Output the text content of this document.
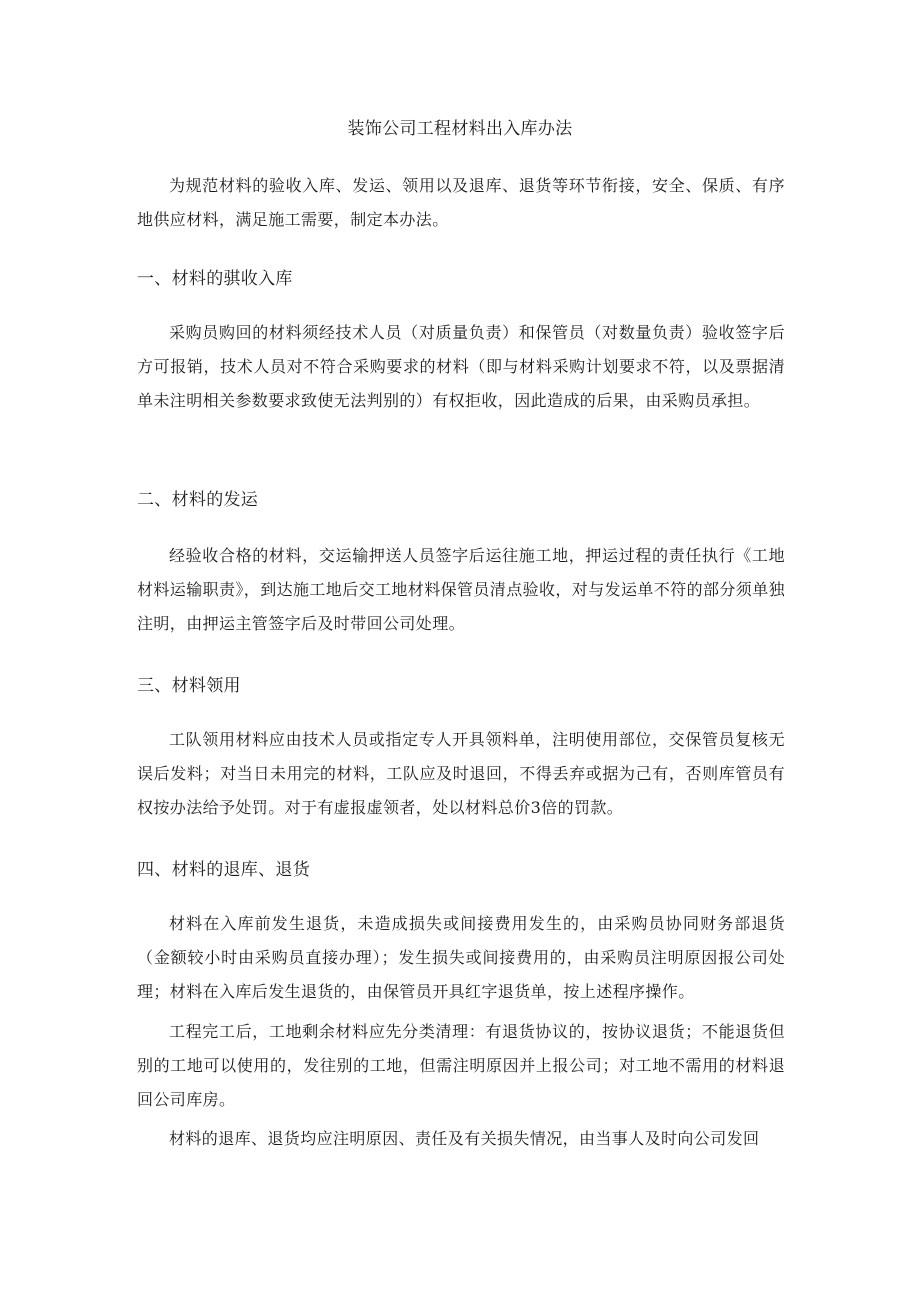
装饰公司工程材料出入库办法

为规范材料的验收入库、发运、领用以及退库、退货等环节衔接，安全、保质、有序地供应材料，满足施工需要，制定本办法。

一、材料的骐收入库

采购员购回的材料须经技术人员（对质量负责）和保管员（对数量负责）验收签字后方可报销，技术人员对不符合采购要求的材料（即与材料采购计划要求不符，以及票据清单未注明相关参数要求致使无法判别的）有权拒收，因此造成的后果，由采购员承担。

二、材料的发运

经验收合格的材料，交运输押送人员签字后运往施工地，押运过程的责任执行《工地材料运输职责》，到达施工地后交工地材料保管员清点验收，对与发运单不符的部分须单独注明，由押运主管签字后及时带回公司处理。

三、材料领用

工队领用材料应由技术人员或指定专人开具领料单，注明使用部位，交保管员复核无误后发料；对当日未用完的材料，工队应及时退回，不得丢弃或据为己有，否则库管员有权按办法给予处罚。对于有虚报虚领者，处以材料总价3倍的罚款。

四、材料的退库、退货

材料在入库前发生退货，未造成损失或间接费用发生的，由采购员协同财务部退货（金额较小时由采购员直接办理）；发生损失或间接费用的，由采购员注明原因报公司处理；材料在入库后发生退货的，由保管员开具红字退货单，按上述程序操作。

工程完工后，工地剩余材料应先分类清理：有退货协议的，按协议退货；不能退货但别的工地可以使用的，发往别的工地，但需注明原因并上报公司；对工地不需用的材料退回公司库房。

材料的退库、退货均应注明原因、责任及有关损失情况，由当事人及时向公司发回
